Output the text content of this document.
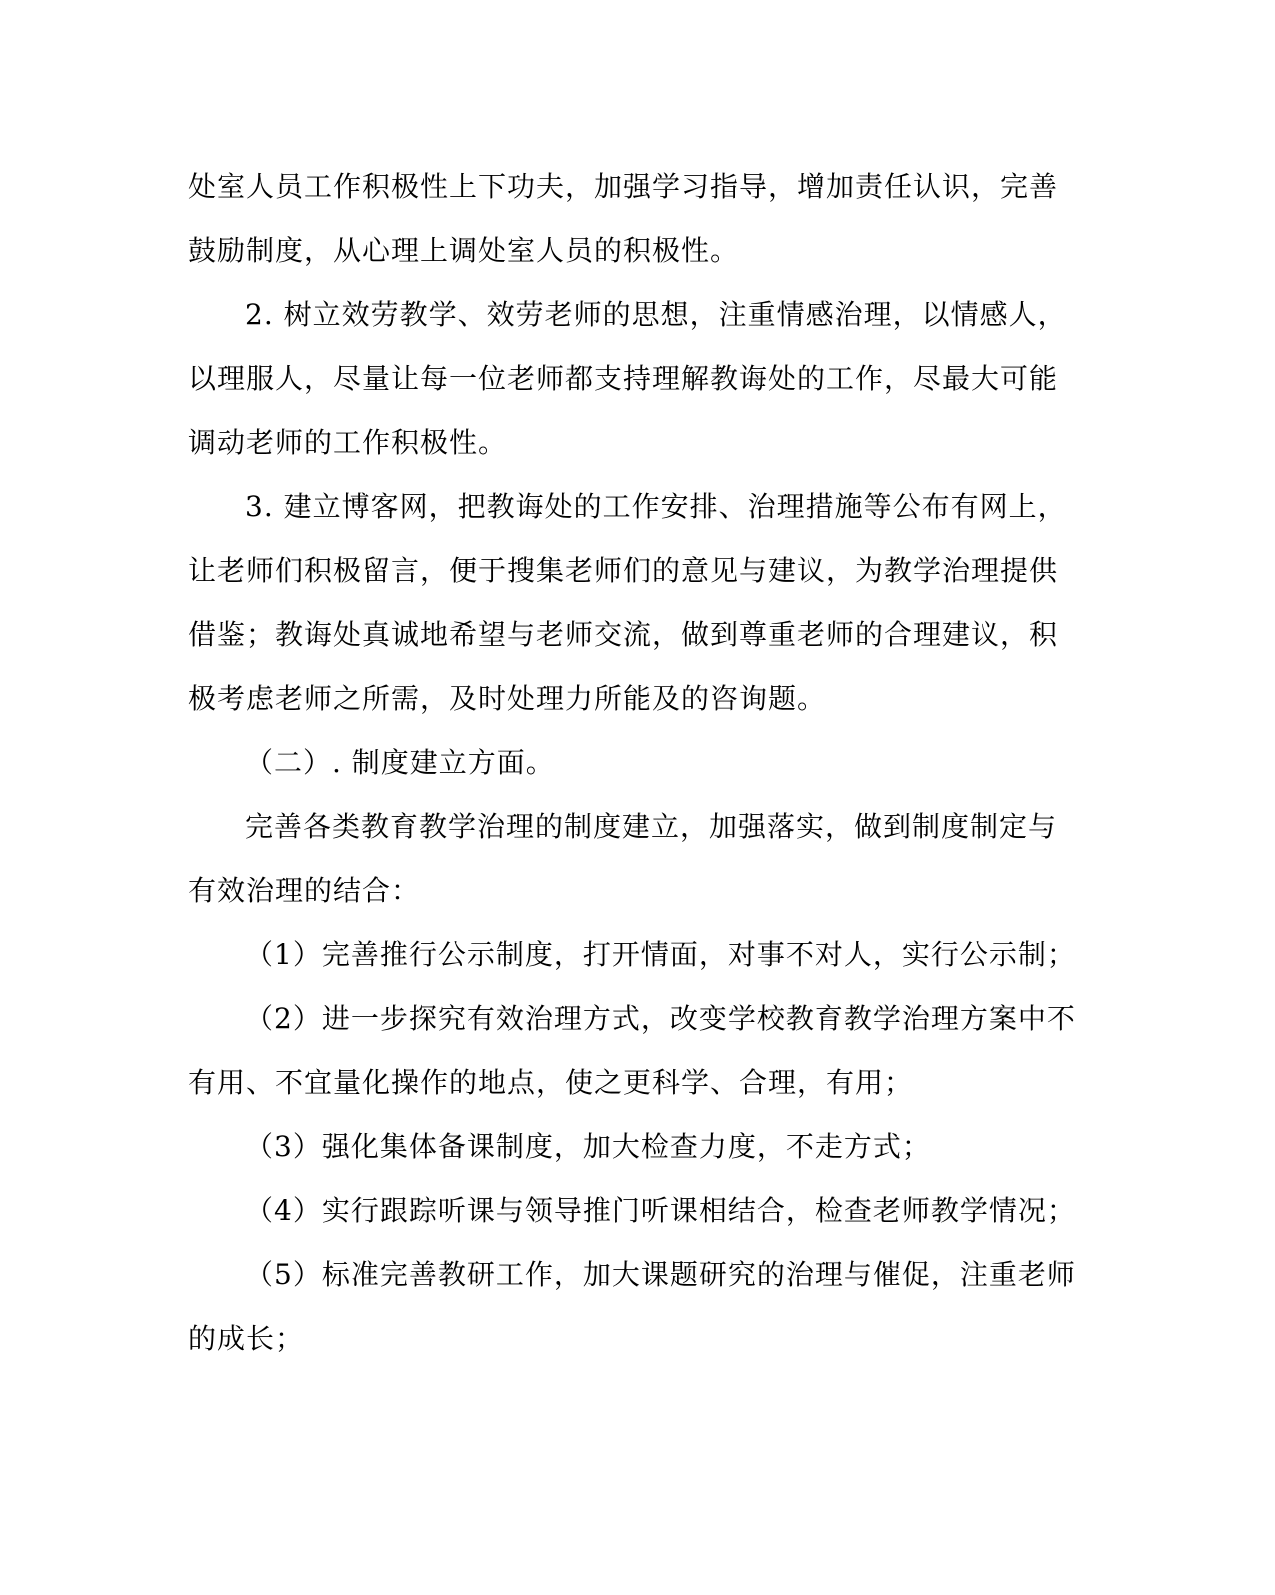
处室人员工作积极性上下功夫，加强学习指导，增加责任认识，完善
鼓励制度，从心理上调处室人员的积极性。
2. 树立效劳教学、效劳老师的思想，注重情感治理，以情感人，
以理服人，尽量让每一位老师都支持理解教诲处的工作，尽最大可能
调动老师的工作积极性。
3. 建立博客网，把教诲处的工作安排、治理措施等公布有网上，
让老师们积极留言，便于搜集老师们的意见与建议，为教学治理提供
借鉴；教诲处真诚地希望与老师交流，做到尊重老师的合理建议，积
极考虑老师之所需，及时处理力所能及的咨询题。
（二）. 制度建立方面。
完善各类教育教学治理的制度建立，加强落实，做到制度制定与
有效治理的结合：
（1）完善推行公示制度，打开情面，对事不对人，实行公示制；
（2）进一步探究有效治理方式，改变学校教育教学治理方案中不
有用、不宜量化操作的地点，使之更科学、合理，有用；
（3）强化集体备课制度，加大检查力度，不走方式；
（4）实行跟踪听课与领导推门听课相结合，检查老师教学情况；
（5）标准完善教研工作，加大课题研究的治理与催促，注重老师
的成长；
